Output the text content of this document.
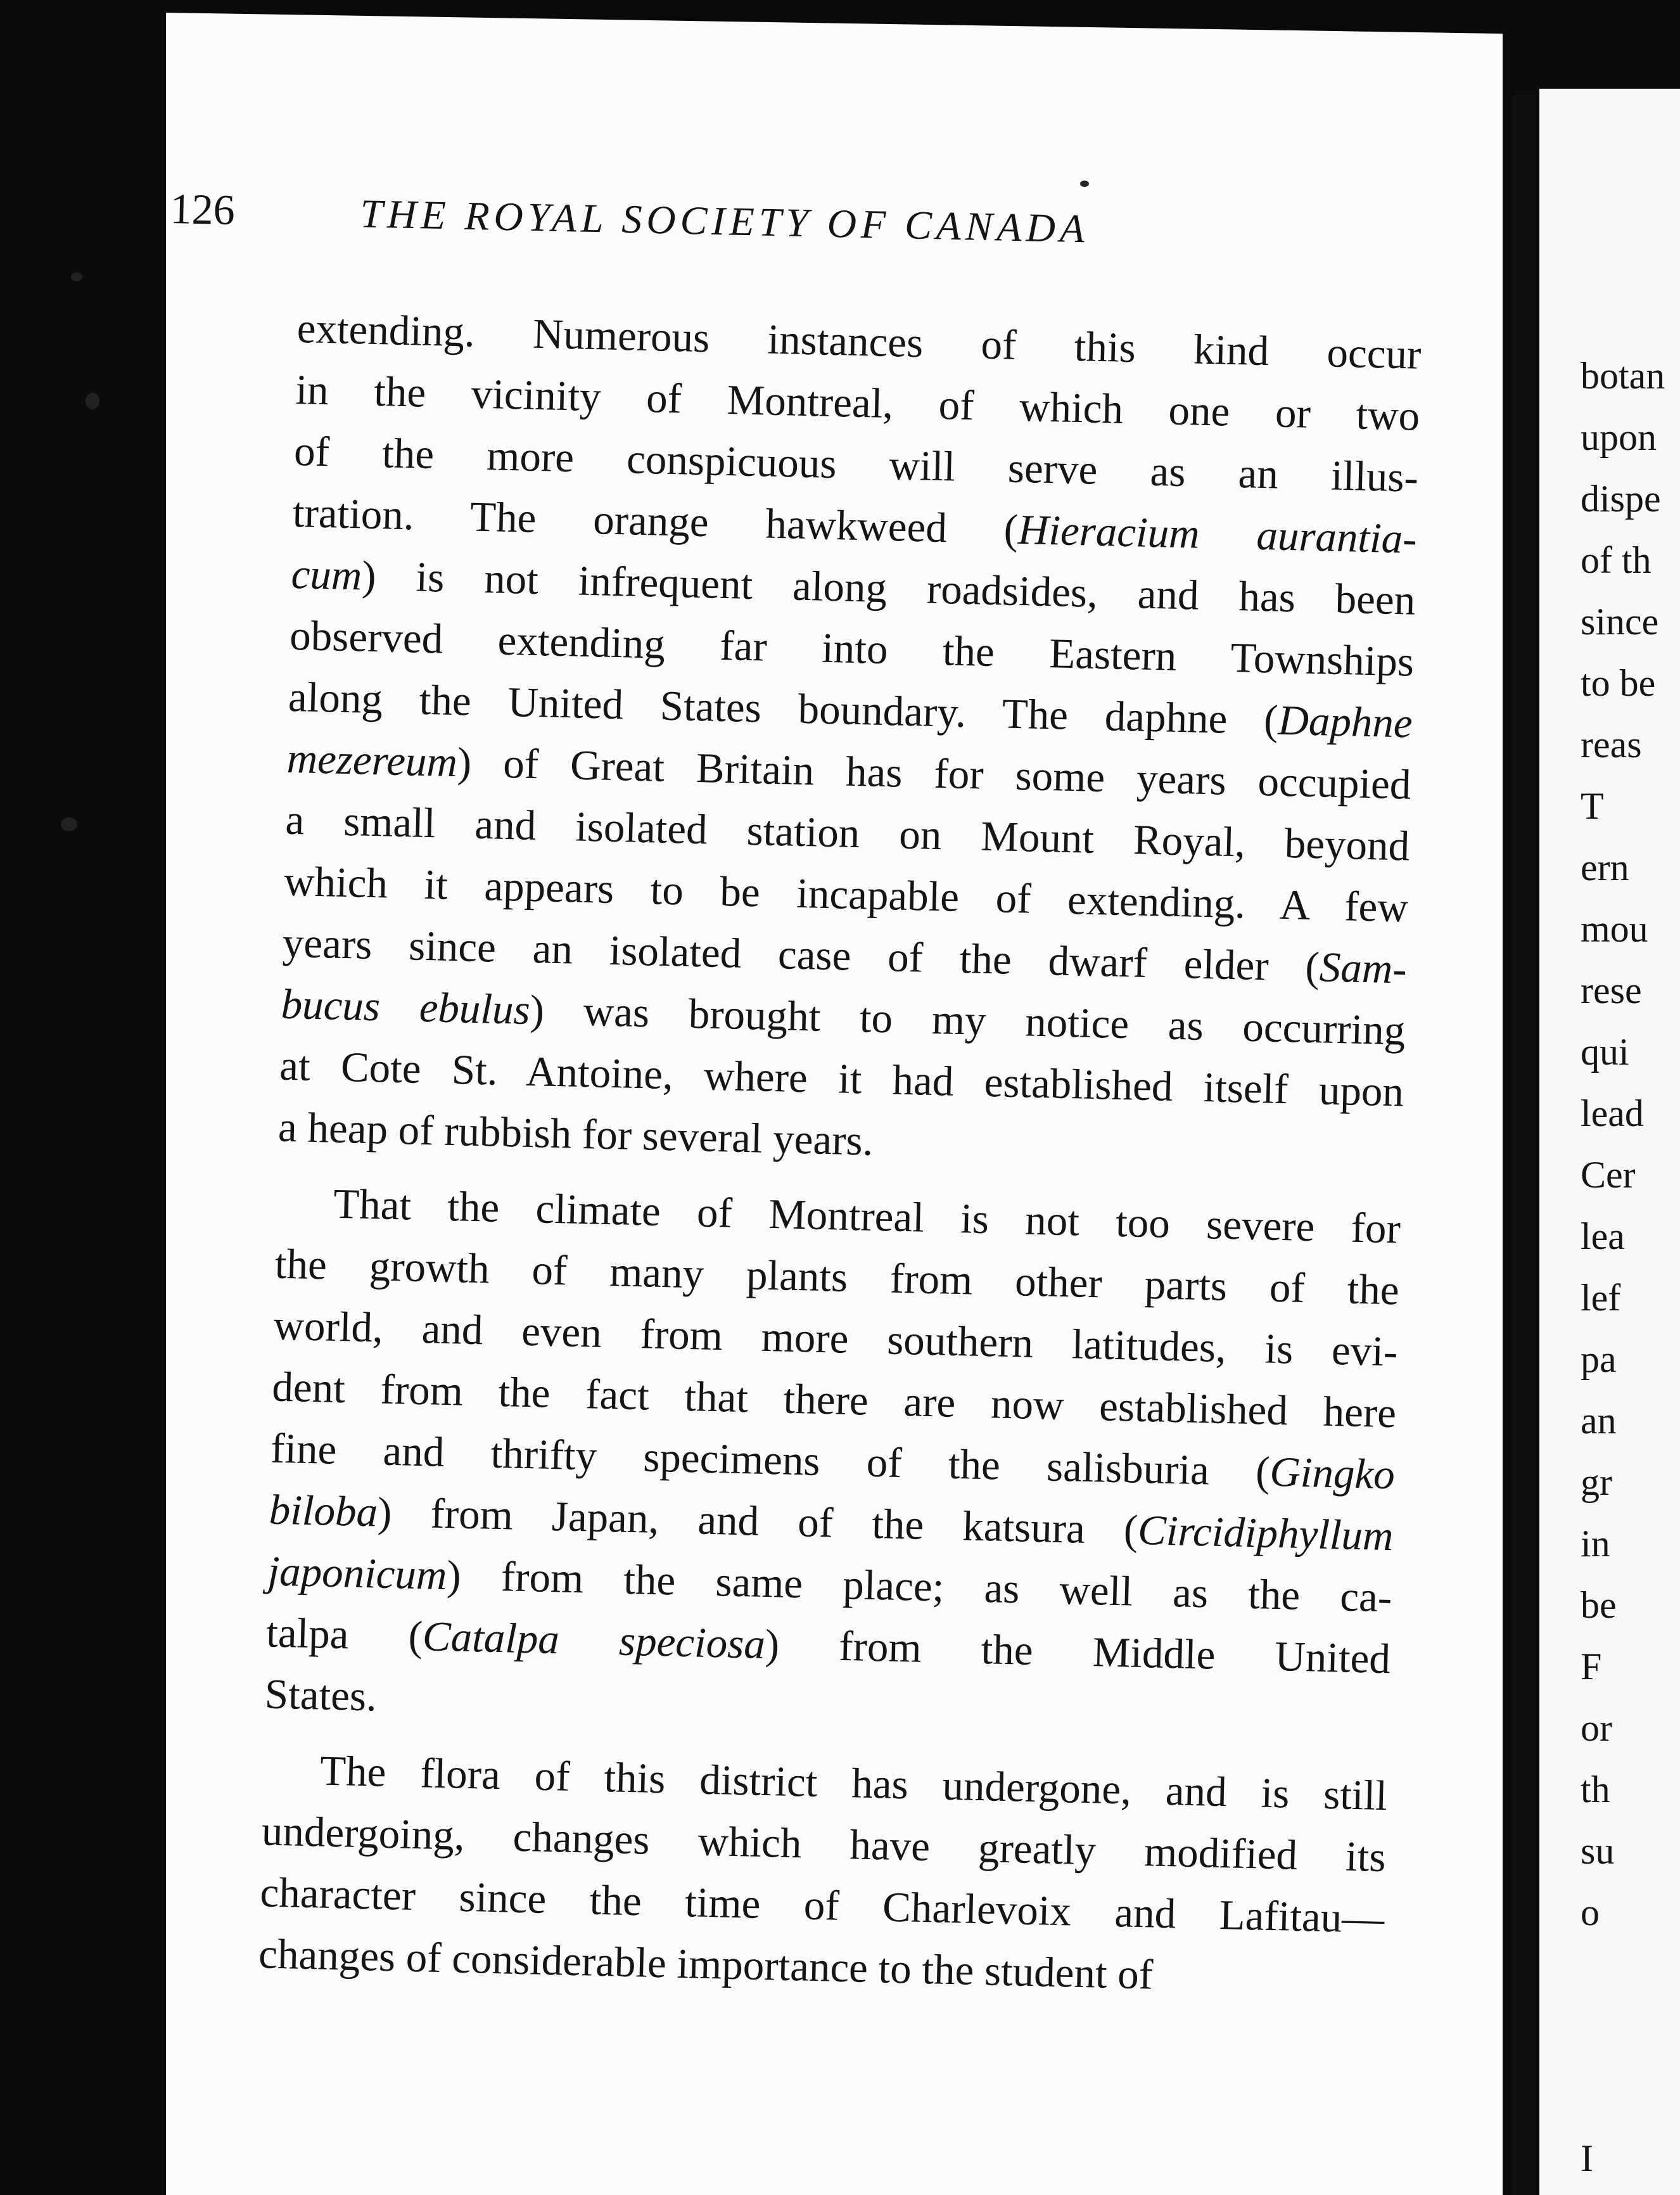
126	THE ROYAL SOCIETY OF CANADA
extending. Numerous instances of this kind occur
in the vicinity of Montreal, of which one or two
of the more conspicuous will serve as an illus-
tration. The orange hawkweed (Hieracium aurantia-
cum) is not infrequent along roadsides, and has been
observed extending far into the Eastern Townships
along the United States boundary. The daphne (Daphne
mezereum) of Great Britain has for some years occupied
a small and isolated station on Mount Royal, beyond
which it appears to be incapable of extending. A few
years since an isolated case of the dwarf elder (Sam-
bucus ebulus) was brought to my notice as occurring
at Cote St. Antoine, where it had established itself upon
a heap of rubbish for several years.
That the climate of Montreal is not too severe for
the growth of many plants from other parts of the
world, and even from more southern latitudes, is evi-
dent from the fact that there are now established here
fine and thrifty specimens of the salisburia (Gingko
biloba) from Japan, and of the katsura (Circidiphyllum
japonicum) from the same place; as well as the ca-
talpa (Catalpa speciosa) from the Middle United
States.
The flora of this district has undergone, and is still
undergoing, changes which have greatly modified its
character since the time of Charlevoix and Lafitau—
changes of considerable importance to the student of
botan
upon
dispe
of th
since
to be
reas
T
ern
mou
rese
qui
lead
Cer
lea
lef
pa
an
gr
in
be
F
or
th
su
o
I
